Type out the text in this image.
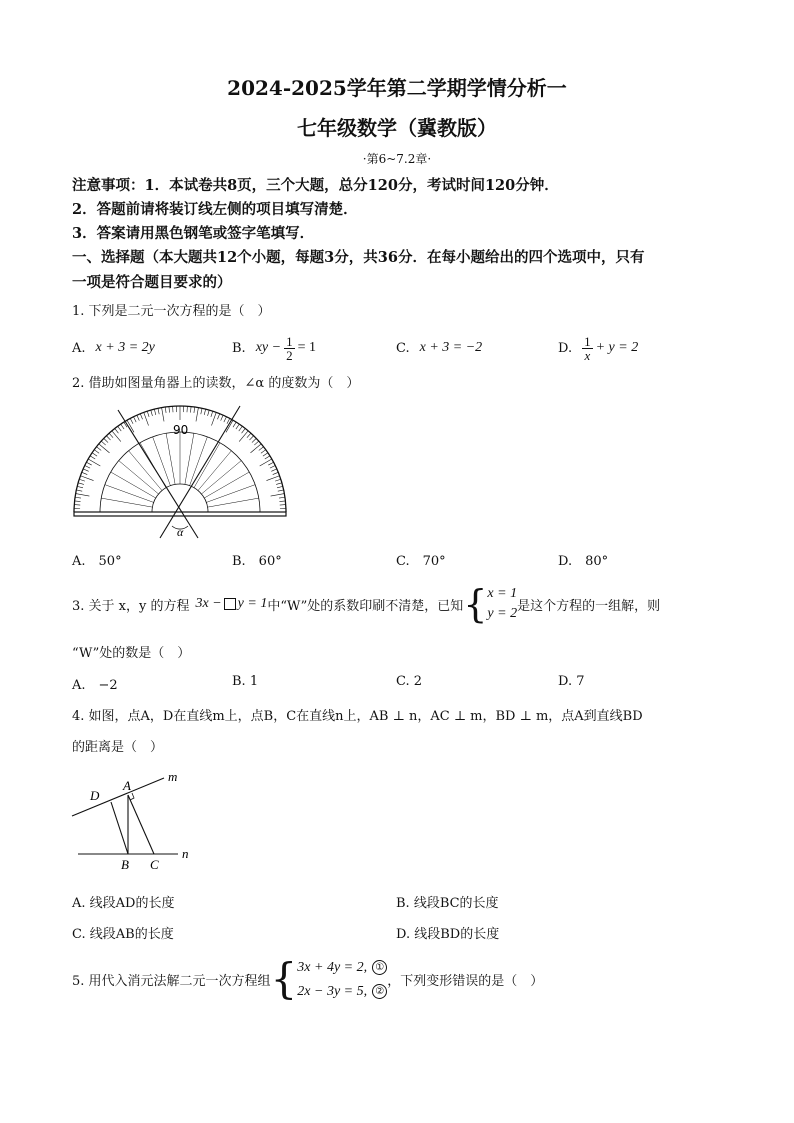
2024-2025学年第二学期学情分析一
七年级数学（冀教版）
·第6~7.2章·
注意事项：1．本试卷共8页，三个大题，总分120分，考试时间120分钟．
2．答题前请将装订线左侧的项目填写清楚．
3．答案请用黑色钢笔或签字笔填写．
一、选择题（本大题共12个小题，每题3分，共36分．在每小题给出的四个选项中，只有
一项是符合题目要求的）
1. 下列是二元一次方程的是（　）
A. x + 3 = 2y	B. xy − $\frac{1}{2} = 1$	C. x + 3 = −2	D. $\frac{1}{x} + y = 2$
2. 借助如图量角器上的读数，∠α 的度数为（　）
90
α
A.　50°	B.　60°	C.　70°	D.　80°
3. 关于 x，y 的方程 3x − y = 1 中“W”处的系数印刷不清楚，已知 { x = 1
y = 2 是这个方程的一组解，则
“W”处的数是（　）
A.　−2	B. 1	C. 2	D. 7
4. 如图，点A，D在直线m上，点B，C在直线n上，AB ⊥ n，AC ⊥ m，BD ⊥ m，点A到直线BD
的距离是（　）
m
n
A
D
B C
A. 线段AD的长度	B. 线段BC的长度
C. 线段AB的长度	D. 线段BD的长度
5. 用代入消元法解二元一次方程组 { 3x + 4y = 2, ①
2x − 3y = 5, ②
，下列变形错误的是（　）
